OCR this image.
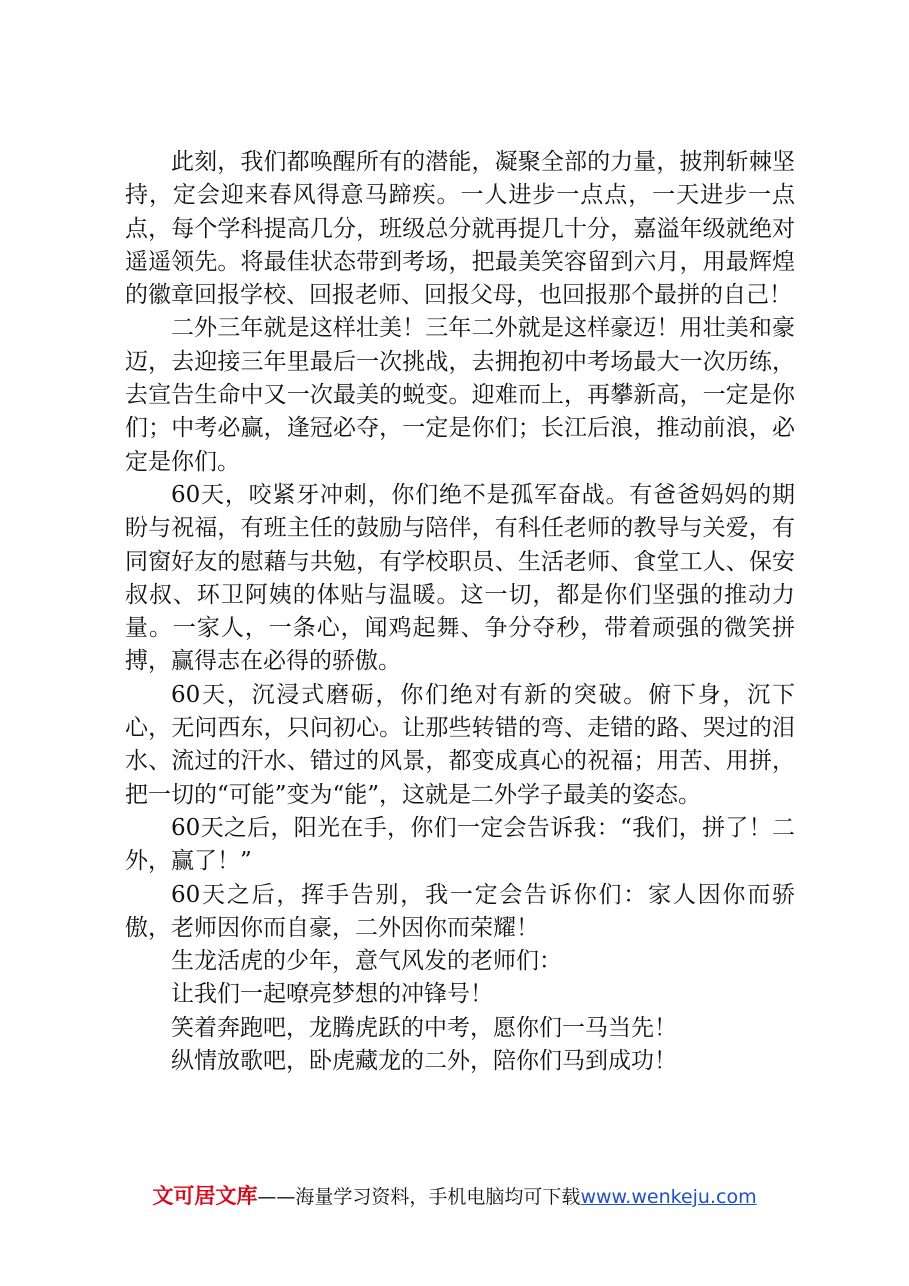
此刻，我们都唤醒所有的潜能，凝聚全部的力量，披荆斩棘坚持，定会迎来春风得意马蹄疾。一人进步一点点，一天进步一点点，每个学科提高几分，班级总分就再提几十分，嘉溢年级就绝对遥遥领先。将最佳状态带到考场，把最美笑容留到六月，用最辉煌的徽章回报学校、回报老师、回报父母，也回报那个最拼的自己！

二外三年就是这样壮美！三年二外就是这样豪迈！用壮美和豪迈，去迎接三年里最后一次挑战，去拥抱初中考场最大一次历练，去宣告生命中又一次最美的蜕变。迎难而上，再攀新高，一定是你们；中考必赢，逢冠必夺，一定是你们；长江后浪，推动前浪，必定是你们。

60天，咬紧牙冲刺，你们绝不是孤军奋战。有爸爸妈妈的期盼与祝福，有班主任的鼓励与陪伴，有科任老师的教导与关爱，有同窗好友的慰藉与共勉，有学校职员、生活老师、食堂工人、保安叔叔、环卫阿姨的体贴与温暖。这一切，都是你们坚强的推动力量。一家人，一条心，闻鸡起舞、争分夺秒，带着顽强的微笑拼搏，赢得志在必得的骄傲。

60天，沉浸式磨砺，你们绝对有新的突破。俯下身，沉下心，无问西东，只问初心。让那些转错的弯、走错的路、哭过的泪水、流过的汗水、错过的风景，都变成真心的祝福；用苦、用拼，把一切的“可能”变为“能”，这就是二外学子最美的姿态。

60天之后，阳光在手，你们一定会告诉我：“我们，拼了！二外，赢了！”

60天之后，挥手告别，我一定会告诉你们：家人因你而骄傲，老师因你而自豪，二外因你而荣耀！

生龙活虎的少年，意气风发的老师们：

让我们一起嘹亮梦想的冲锋号！

笑着奔跑吧，龙腾虎跃的中考，愿你们一马当先！

纵情放歌吧，卧虎藏龙的二外，陪你们马到成功！

文可居文库——海量学习资料，手机电脑均可下载www.wenkeju.com
